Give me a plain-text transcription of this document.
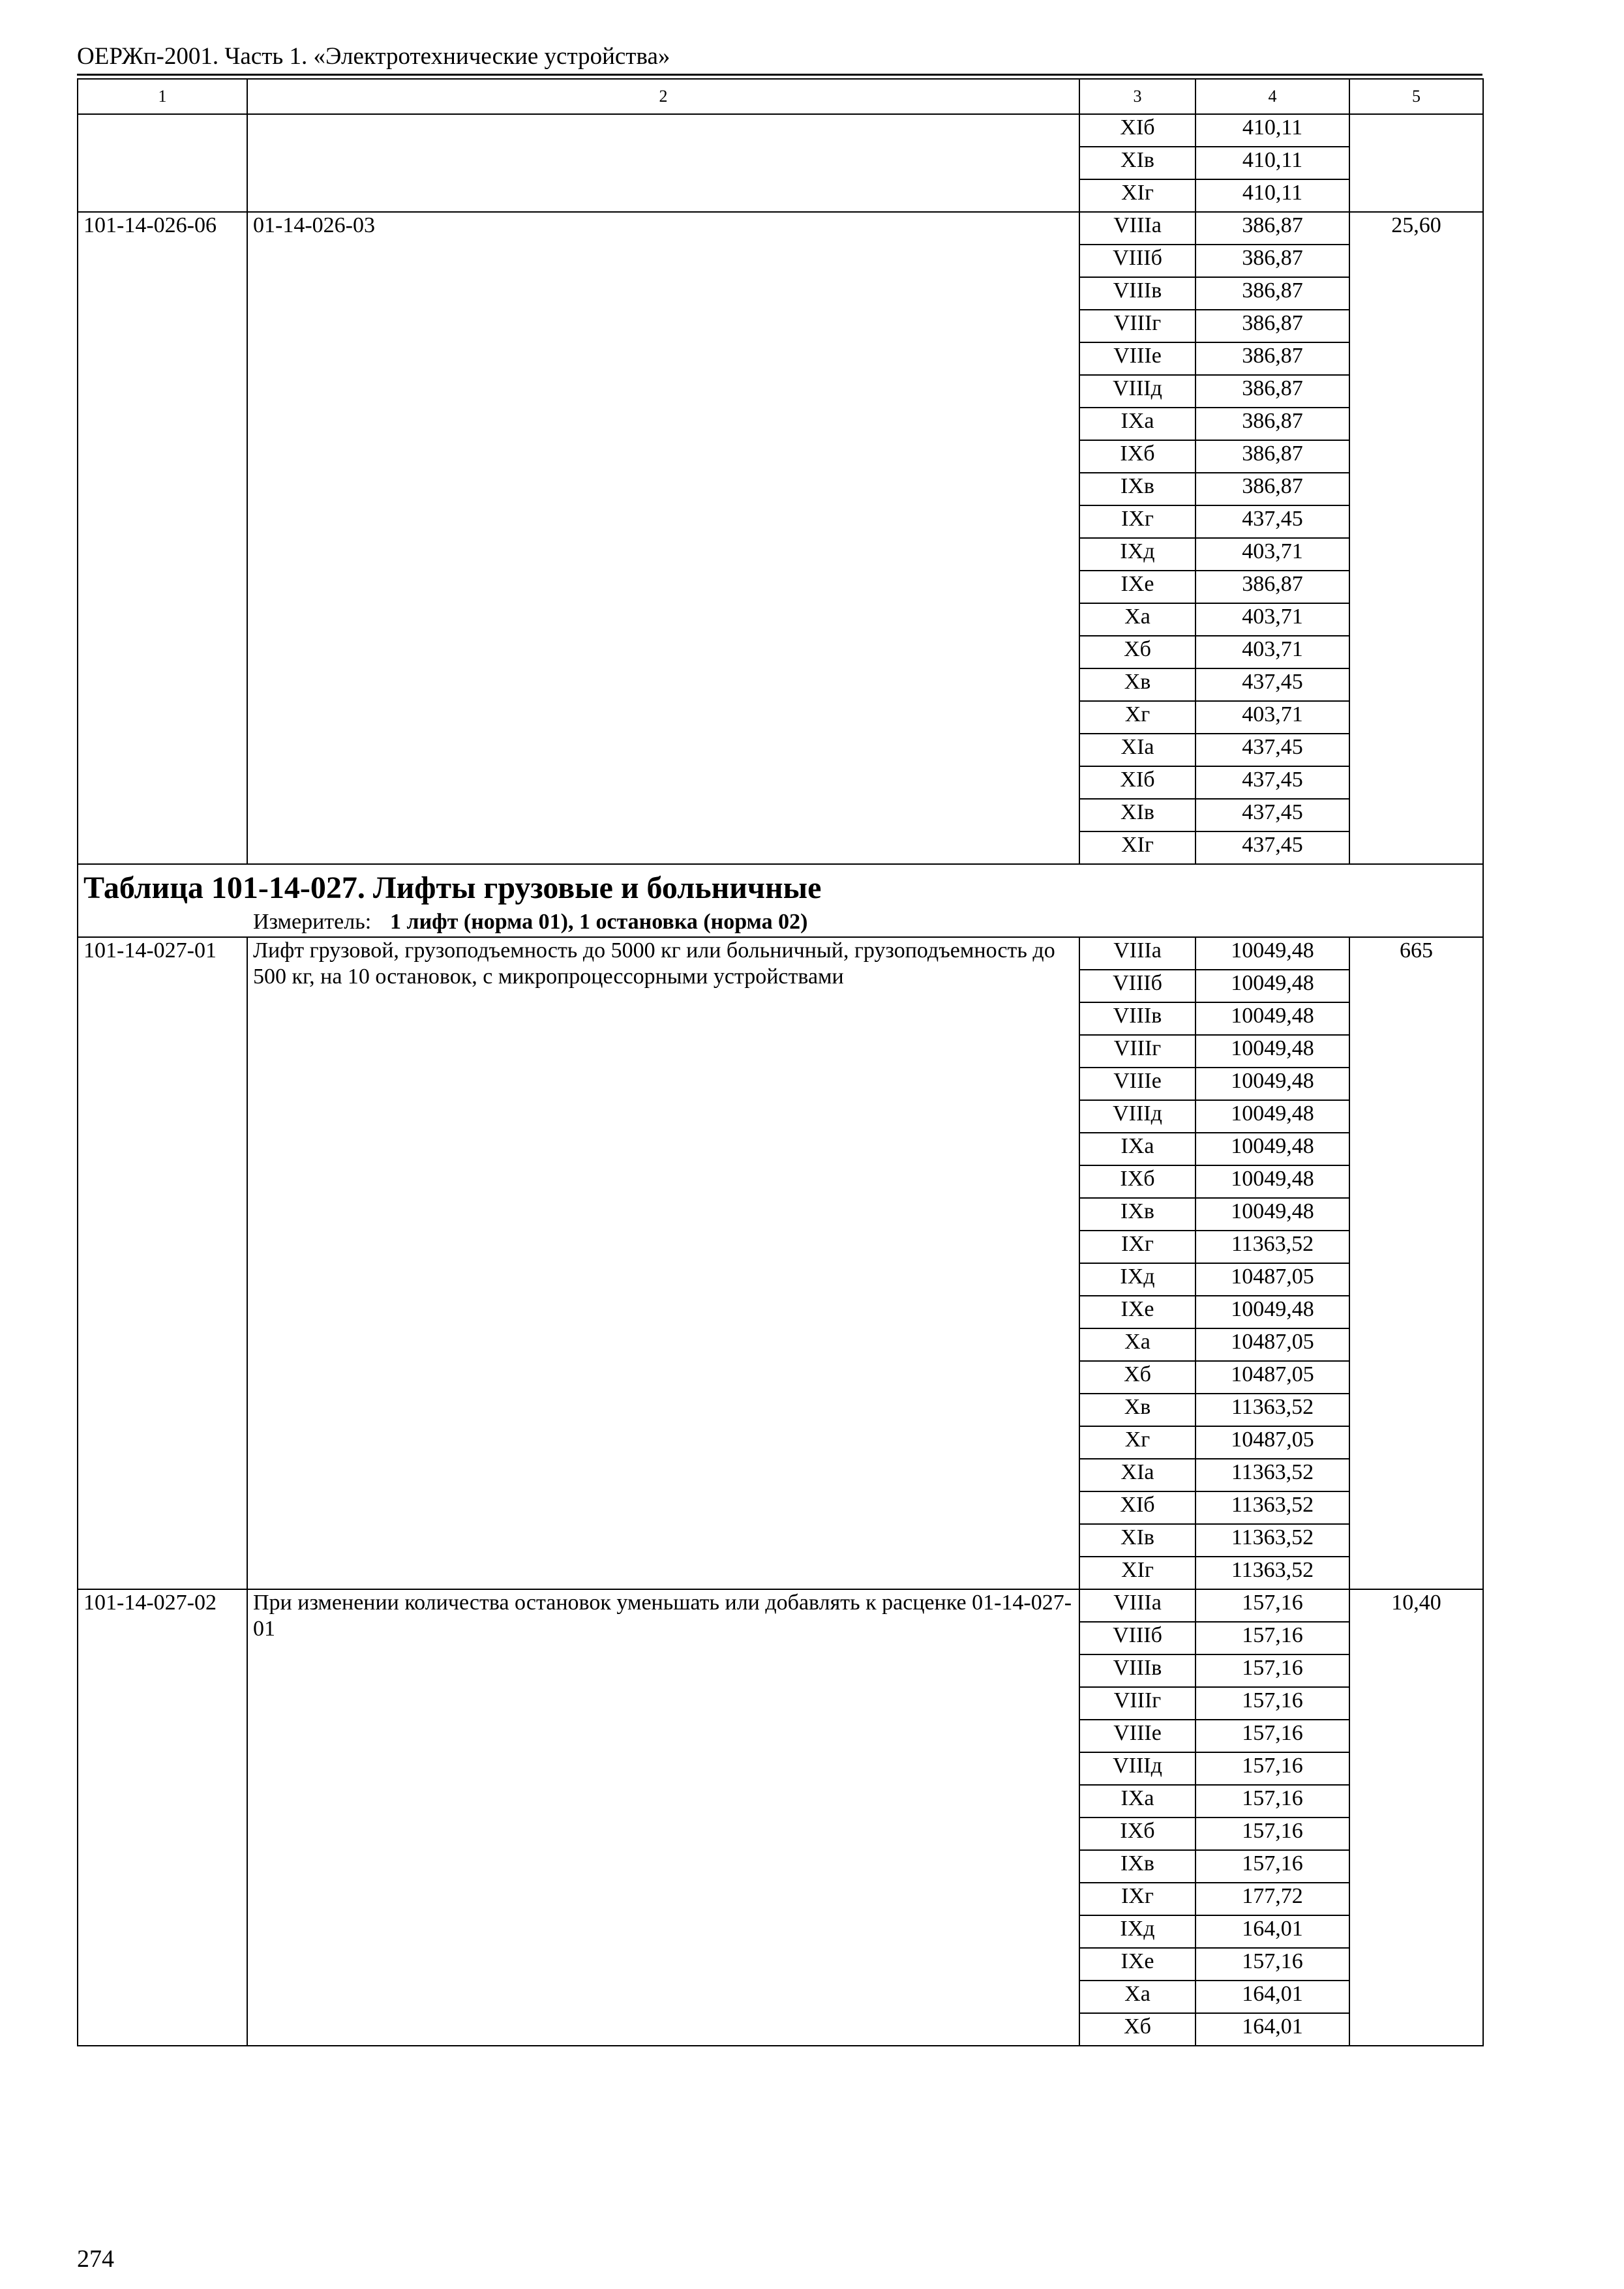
ОЕРЖп-2001. Часть 1. «Электротехнические устройства»
1	2	3	4	5
		XIб	410,11	
		XIв	410,11	
		XIг	410,11	
101-14-026-06	01-14-026-03	VIIIа	386,87	25,60
		VIIIб	386,87	
		VIIIв	386,87	
		VIIIг	386,87	
		VIIIе	386,87	
		VIIIд	386,87	
		IXа	386,87	
		IXб	386,87	
		IXв	386,87	
		IXг	437,45	
		IXд	403,71	
		IXе	386,87	
		Xа	403,71	
		Xб	403,71	
		Xв	437,45	
		Xг	403,71	
		XIа	437,45	
		XIб	437,45	
		XIв	437,45	
		XIг	437,45	

Таблица 101-14-027. Лифты грузовые и больничные
Измеритель: 1 лифт (норма 01), 1 остановка (норма 02)				

101-14-027-01	Лифт грузовой, грузоподъемность до 5000 кг или больничный, грузоподъемность до 500 кг, на 10 остановок, с микропроцессорными устройствами	VIIIа	10049,48	665
		VIIIб	10049,48	
		VIIIв	10049,48	
		VIIIг	10049,48	
		VIIIе	10049,48	
		VIIIд	10049,48	
		IXа	10049,48	
		IXб	10049,48	
		IXв	10049,48	
		IXг	11363,52	
		IXд	10487,05	
		IXе	10049,48	
		Xа	10487,05	
		Xб	10487,05	
		Xв	11363,52	
		Xг	10487,05	
		XIа	11363,52	
		XIб	11363,52	
		XIв	11363,52	
		XIг	11363,52	
101-14-027-02	При изменении количества остановок уменьшать или добавлять к расценке 01-14-027-01	VIIIа	157,16	10,40
		VIIIб	157,16	
		VIIIв	157,16	
		VIIIг	157,16	
		VIIIе	157,16	
		VIIIд	157,16	
		IXа	157,16	
		IXб	157,16	
		IXв	157,16	
		IXг	177,72	
		IXд	164,01	
		IXе	157,16	
		Xа	164,01	
		Xб	164,01	
274
